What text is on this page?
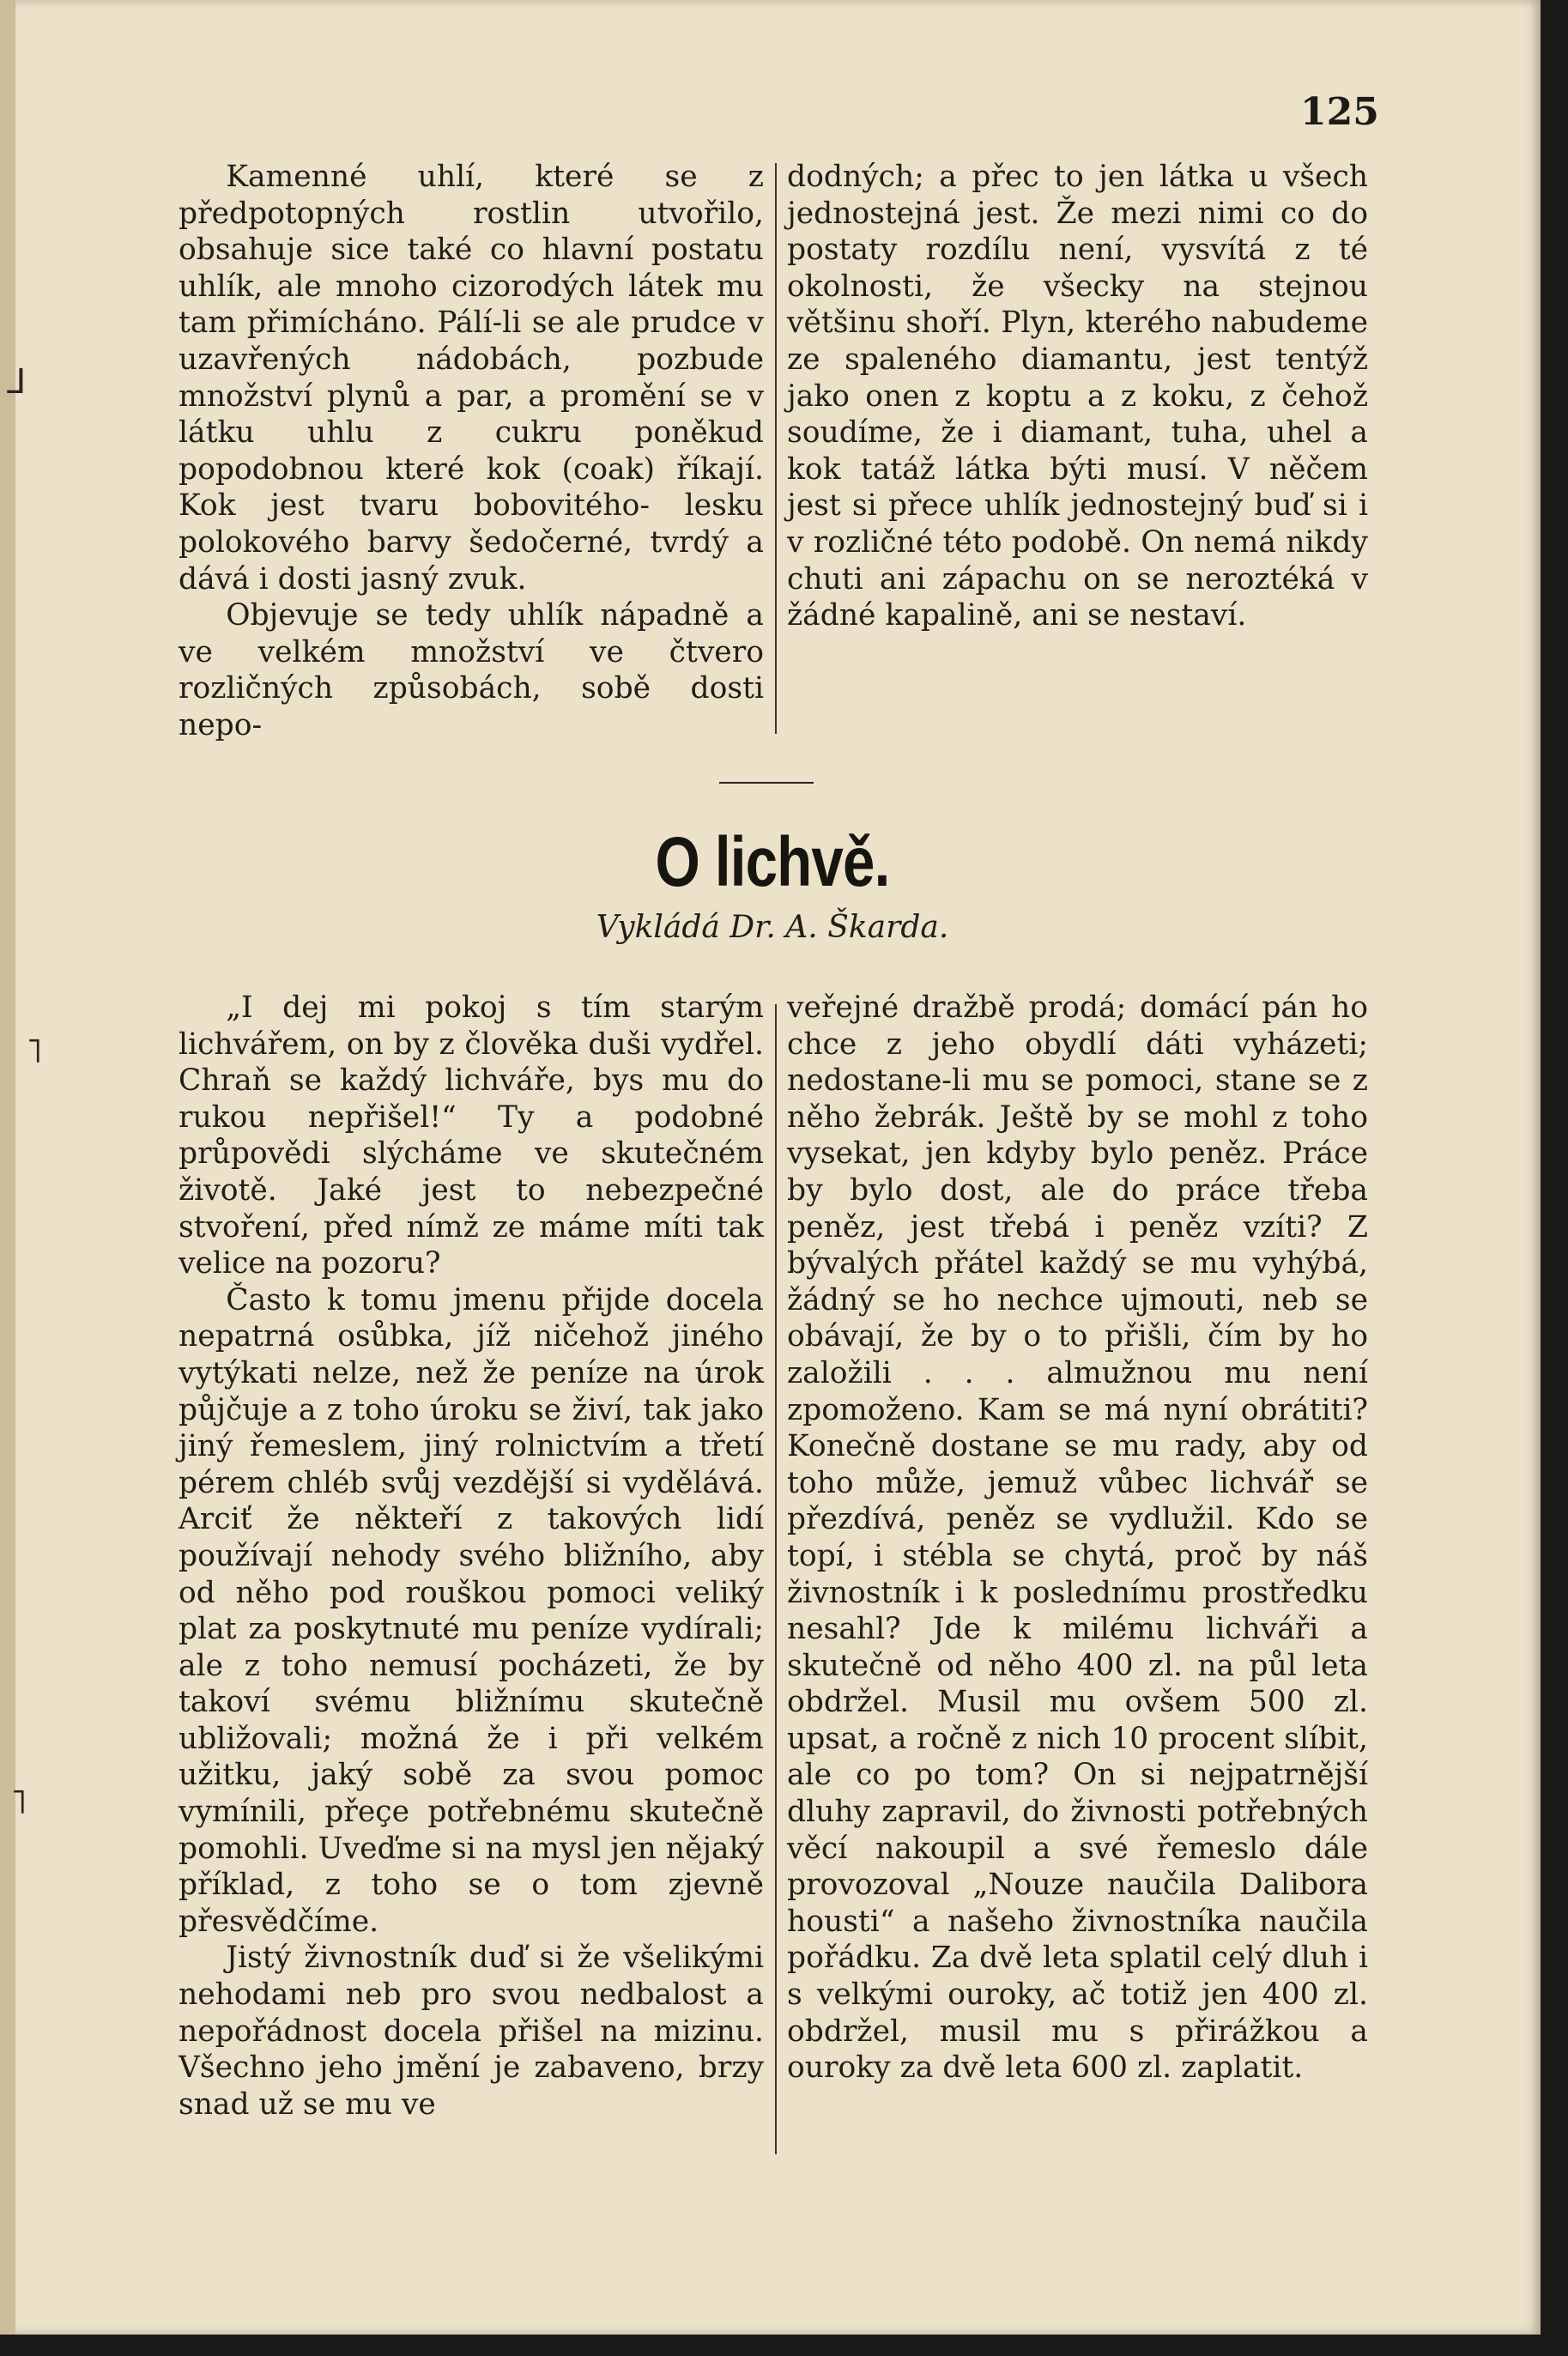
125

Kamenné uhlí, které se z předpotopných rostlin utvořilo, obsahuje sice také co hlavní postatu uhlík, ale mnoho cizorodých látek mu tam přimícháno. Pálí-li se ale prudce v uzavřených nádobách, pozbude množství plynů a par, a promění se v látku uhlu z cukru poněkud popodobnou které kok (coak) říkají. Kok jest tvaru bobovitého- lesku polokového barvy šedočerné, tvrdý a dává i dosti jasný zvuk.

Objevuje se tedy uhlík nápadně a ve velkém množství ve čtvero rozličných způsobách, sobě dosti nepo-

dodných; a přec to jen látka u všech jednostejná jest. Že mezi nimi co do postaty rozdílu není, vysvítá z té okolnosti, že všecky na stejnou většinu shoří. Plyn, kterého nabudeme ze spaleného diamantu, jest tentýž jako onen z koptu a z koku, z čehož soudíme, že i diamant, tuha, uhel a kok tatáž látka býti musí. V něčem jest si přece uhlík jednostejný buď si i v rozličné této podobě. On nemá nikdy chuti ani zápachu on se nerozték​á v žádné kapalině, ani se nestaví.

O lichvě.
Vykládá Dr. A. Škarda.

„I dej mi pokoj s tím starým lichvářem, on by z člověka duši vydřel. Chraň se každý lichváře, bys mu do rukou nepřišel!“ Ty a podobné průpovědi slýcháme ve skutečném životě. Jaké jest to nebezpečné stvoření, před nímž ze máme míti tak velice na pozoru?

Často k tomu jmenu přijde docela nepatrná osůbka, jíž ničehož jiného vytýkati nelze, než že peníze na úrok půjčuje a z toho úroku se živí, tak jako jiný řemeslem, jiný rolnictvím a třetí pérem chléb svůj vezdější si vydělává. Arciť že někteří z takových lidí používají nehody svého bližního, aby od něho pod rouškou pomoci veliký plat za poskytnuté mu peníze vydírali; ale z toho nemusí pocházeti, že by takoví svému bližnímu skutečně ubližovali; možná že i při velkém užitku, jaký sobě za svou pomoc vymínili, přeçe potřebnému skutečně pomohli. Uveďme si na mysl jen nějaký příklad, z toho se o tom zjevně přesvědčíme.

Jistý živnostník duď si že všelikými nehodami neb pro svou nedbalost a nepořádnost docela přišel na mizinu. Všechno jeho jmění je zabaveno, brzy snad už se mu ve

veřejné dražbě prodá; domácí pán ho chce z jeho obydlí dáti vyházeti; nedostane-li mu se pomoci, stane se z něho žebrák. Ještě by se mohl z toho vysekat, jen kdyby bylo peněz. Práce by bylo dost, ale do práce třeba peněz, jest třebá i peněz vzíti? Z bývalých přátel každý se mu vyhýbá, žádný se ho nechce ujmouti, neb se obávají, že by o to přišli, čím by ho založili . . . almužnou mu není zpomoženo. Kam se má nyní obrátiti? Konečně dostane se mu rady, aby od toho může, jemuž vůbec lichvář se přezdívá, peněz se vydlužil. Kdo se topí, i stébla se chytá, proč by náš živnostník i k poslednímu prostředku nesahl? Jde k milému lichváři a skutečně od něho 400 zl. na půl leta obdržel. Musil mu ovšem 500 zl. upsat, a ročně z nich 10 procent slíbit, ale co po tom? On si nejpatrnější dluhy zapravil, do živnosti potřebných věcí nakoupil a své řemeslo dále provozoval „Nouze naučila Dalibora housti“ a našeho živnostníka naučila pořádku. Za dvě leta splatil celý dluh i s velkými ouroky, ač totiž jen 400 zl. obdržel, musil mu s přirážkou a ouroky za dvě leta 600 zl. zaplatit.

⅃
˥
˥
